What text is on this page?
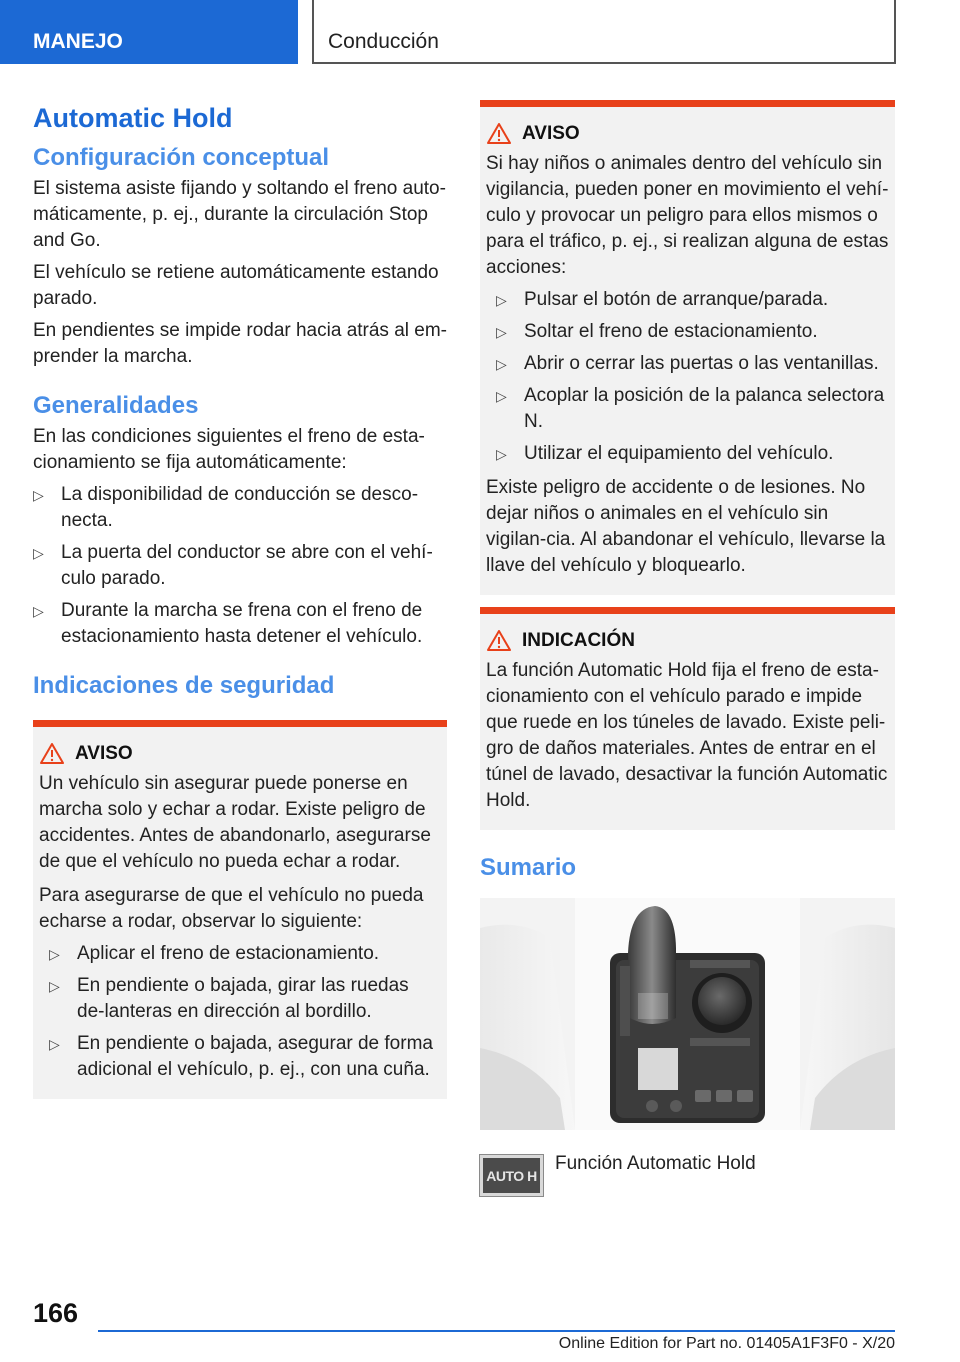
MANEJO	Conducción
Automatic Hold
Configuración conceptual

El sistema asiste fijando y soltando el freno auto‐máticamente, p. ej., durante la circulación Stop and Go.

El vehículo se retiene automáticamente estando parado.

En pendientes se impide rodar hacia atrás al em‐prender la marcha.

Generalidades

En las condiciones siguientes el freno de esta‐cionamiento se fija automáticamente:

▷ La disponibilidad de conducción se desco‐necta.
▷ La puerta del conductor se abre con el vehí‐culo parado.
▷ Durante la marcha se frena con el freno de estacionamiento hasta detener el vehículo.
Indicaciones de seguridad
AVISO

Un vehículo sin asegurar puede ponerse en marcha solo y echar a rodar. Existe peligro de accidentes. Antes de abandonarlo, asegurarse de que el vehículo no pueda echar a rodar.

Para asegurarse de que el vehículo no pueda echarse a rodar, observar lo siguiente:

▷ Aplicar el freno de estacionamiento.
▷ En pendiente o bajada, girar las ruedas de‐lanteras en dirección al bordillo.
▷ En pendiente o bajada, asegurar de forma adicional el vehículo, p. ej., con una cuña.
AVISO

Si hay niños o animales dentro del vehículo sin vigilancia, pueden poner en movimiento el vehí‐culo y provocar un peligro para ellos mismos o para el tráfico, p. ej., si realizan alguna de estas acciones:

▷ Pulsar el botón de arranque/parada.
▷ Soltar el freno de estacionamiento.
▷ Abrir o cerrar las puertas o las ventanillas.
▷ Acoplar la posición de la palanca selectora N.
▷ Utilizar el equipamiento del vehículo.

Existe peligro de accidente o de lesiones. No dejar niños o animales en el vehículo sin vigilan‐cia. Al abandonar el vehículo, llevarse la llave del vehículo y bloquearlo.

INDICACIÓN

La función Automatic Hold fija el freno de esta‐cionamiento con el vehículo parado e impide que ruede en los túneles de lavado. Existe peli‐gro de daños materiales. Antes de entrar en el túnel de lavado, desactivar la función Automatic Hold.

Sumario
AUTO H
Función Automatic Hold
166
Online Edition for Part no. 01405A1F3F0 - X/20
